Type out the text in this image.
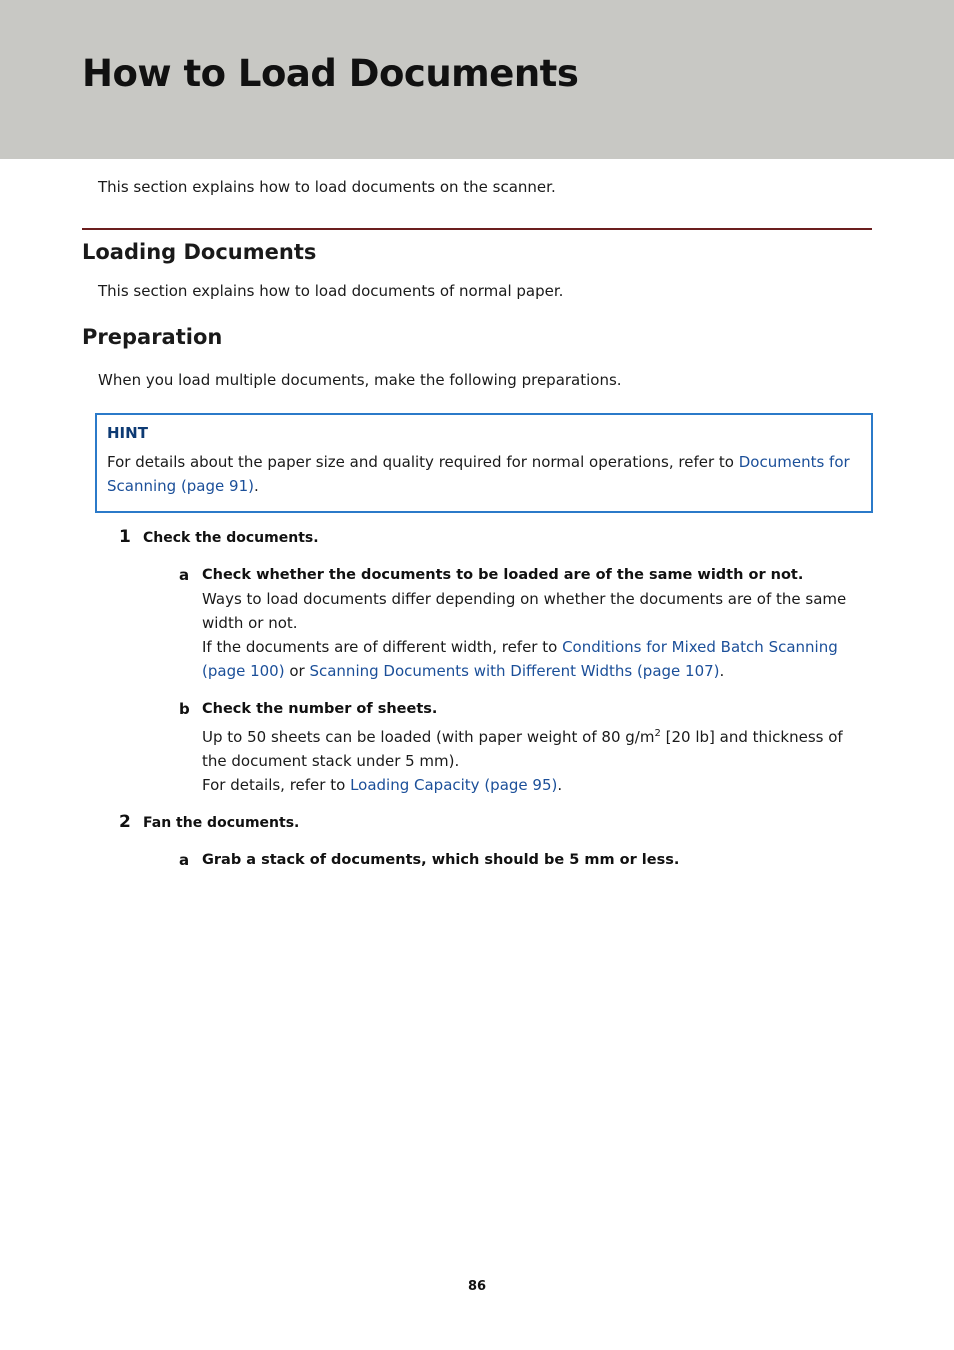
How to Load Documents

This section explains how to load documents on the scanner.

Loading Documents

This section explains how to load documents of normal paper.

Preparation

When you load multiple documents, make the following preparations.

HINT

For details about the paper size and quality required for normal operations, refer to Documents for Scanning (page 91).

1 Check the documents.

a Check whether the documents to be loaded are of the same width or not.

Ways to load documents differ depending on whether the documents are of the same width or not.
If the documents are of different width, refer to Conditions for Mixed Batch Scanning (page 100) or Scanning Documents with Different Widths (page 107).

b Check the number of sheets.

Up to 50 sheets can be loaded (with paper weight of 80 $g/m^2$ [20 lb] and thickness of the document stack under 5 mm).
For details, refer to Loading Capacity (page 95).

2 Fan the documents.

a Grab a stack of documents, which should be 5 mm or less.

86
